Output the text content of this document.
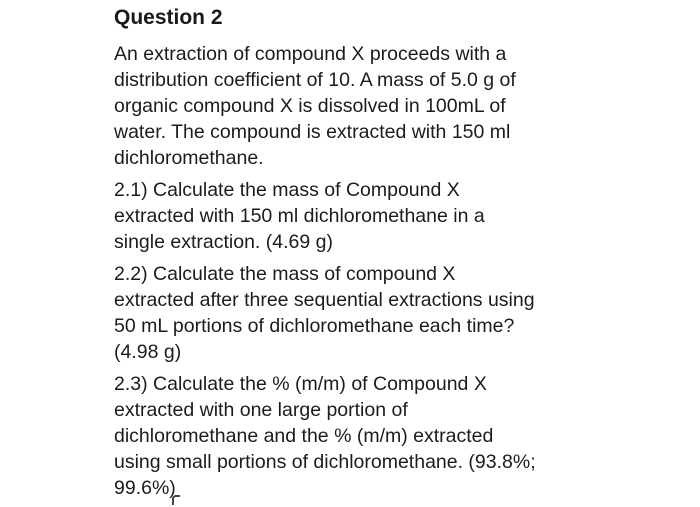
Question 2
An extraction of compound X proceeds with a
distribution coefficient of 10. A mass of 5.0 g of
organic compound X is dissolved in 100mL of
water. The compound is extracted with 150 ml
dichloromethane.
2.1) Calculate the mass of Compound X
extracted with 150 ml dichloromethane in a
single extraction. (4.69 g)
2.2) Calculate the mass of compound X
extracted after three sequential extractions using
50 mL portions of dichloromethane each time?
(4.98 g)
2.3) Calculate the % (m/m) of Compound X
extracted with one large portion of
dichloromethane and the % (m/m) extracted
using small portions of dichloromethane. (93.8%;
99.6%)
